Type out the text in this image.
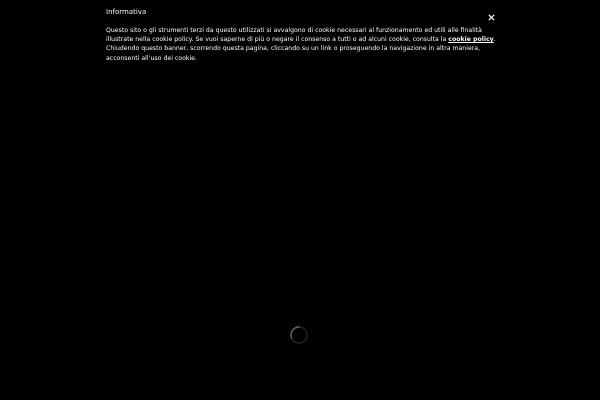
Informativa

Questo sito o gli strumenti terzi da questo utilizzati si avvalgono di cookie necessari al funzionamento ed utili alle finalità illustrate nella cookie policy. Se vuoi saperne di più o negare il consenso a tutti o ad alcuni cookie, consulta la cookie policy. Chiudendo questo banner, scorrendo questa pagina, cliccando su un link o proseguendo la navigazione in altra maniera, acconsenti all’uso dei cookie.
